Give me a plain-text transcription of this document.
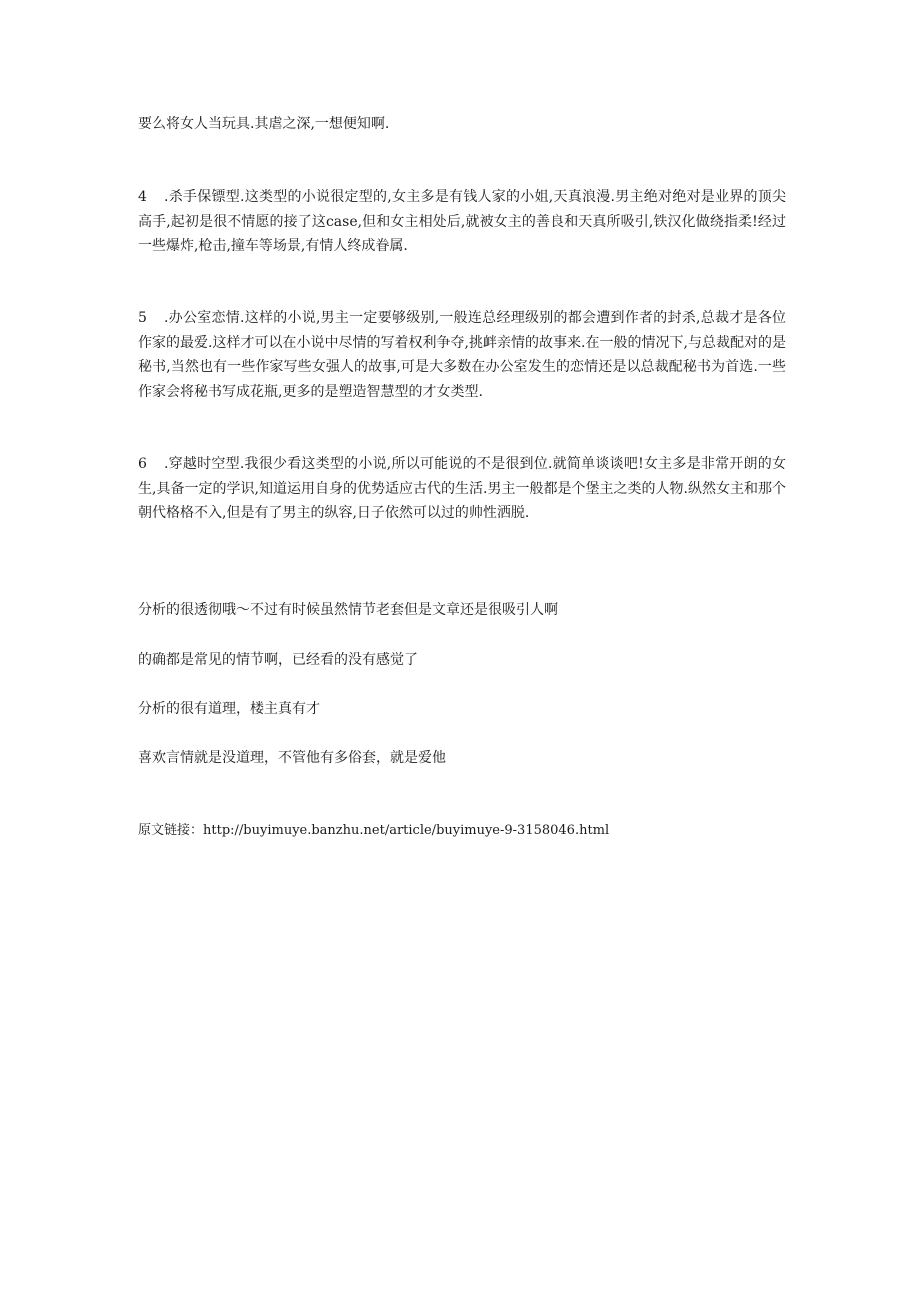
要么将女人当玩具.其虐之深,一想便知啊.

4 .杀手保镖型.这类型的小说很定型的,女主多是有钱人家的小姐,天真浪漫.男主绝对绝对是业界的顶尖高手,起初是很不情愿的接了这case,但和女主相处后,就被女主的善良和天真所吸引,铁汉化做绕指柔!经过一些爆炸,枪击,撞车等场景,有情人终成眷属.

5 .办公室恋情.这样的小说,男主一定要够级别,一般连总经理级别的都会遭到作者的封杀,总裁才是各位作家的最爱.这样才可以在小说中尽情的写着权利争夺,挑衅亲情的故事来.在一般的情况下,与总裁配对的是秘书,当然也有一些作家写些女强人的故事,可是大多数在办公室发生的恋情还是以总裁配秘书为首选.一些作家会将秘书写成花瓶,更多的是塑造智慧型的才女类型.

6 .穿越时空型.我很少看这类型的小说,所以可能说的不是很到位.就简单谈谈吧!女主多是非常开朗的女生,具备一定的学识,知道运用自身的优势适应古代的生活.男主一般都是个堡主之类的人物.纵然女主和那个朝代格格不入,但是有了男主的纵容,日子依然可以过的帅性洒脱.

分析的很透彻哦～不过有时候虽然情节老套但是文章还是很吸引人啊

的确都是常见的情节啊，已经看的没有感觉了

分析的很有道理，楼主真有才

喜欢言情就是没道理，不管他有多俗套，就是爱他

原文链接：http://buyimuye.banzhu.net/article/buyimuye-9-3158046.html
